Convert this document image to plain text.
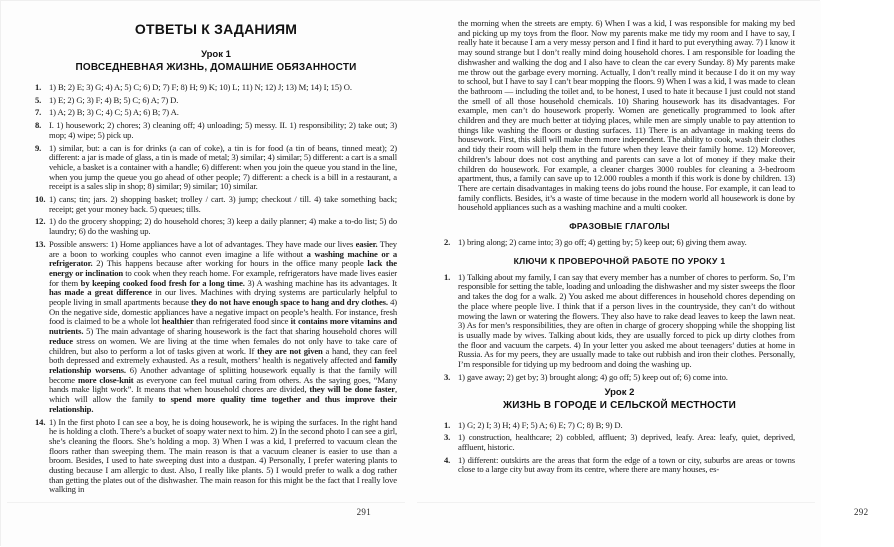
ОТВЕТЫ К ЗАДАНИЯМ
Урок 1
ПОВСЕДНЕВНАЯ ЖИЗНЬ, ДОМАШНИЕ ОБЯЗАННОСТИ
1. 1) B; 2) E; 3) G; 4) A; 5) C; 6) D; 7) F; 8) H; 9) K; 10) L; 11) N; 12) J; 13) M; 14) I; 15) O.
5. 1) E; 2) G; 3) F; 4) B; 5) C; 6) A; 7) D.
7. 1) A; 2) B; 3) C; 4) C; 5) A; 6) B; 7) A.
8. I. 1) housework; 2) chores; 3) cleaning off; 4) unloading; 5) messy. II. 1) responsibility; 2) take out; 3) mop; 4) wipe; 5) pick up.
9. 1) similar, but: a can is for drinks (a can of coke), a tin is for food (a tin of beans, tinned meat); 2) different: a jar is made of glass, a tin is made of metal; 3) similar; 4) similar; 5) different: a cart is a small vehicle, a basket is a container with a handle; 6) different: when you join the queue you stand in the line, when you jump the queue you go ahead of other people; 7) different: a check is a bill in a restaurant, a receipt is a sales slip in shop; 8) similar; 9) similar; 10) similar.
10. 1) cans; tin; jars. 2) shopping basket; trolley / cart. 3) jump; checkout / till. 4) take something back; receipt; get your money back. 5) queues; tills.
12. 1) do the grocery shopping; 2) do household chores; 3) keep a daily planner; 4) make a to-do list; 5) do laundry; 6) do the washing up.
13. Possible answers: 1) Home appliances have a lot of advantages. They have made our lives easier. They are a boon to working couples who cannot even imagine a life without a washing machine or a refrigerator. 2) This happens because after working for hours in the office many people lack the energy or inclination to cook when they reach home. For example, refrigerators have made lives easier for them by keeping cooked food fresh for a long time. 3) A washing machine has its advantages. It has made a great difference in our lives. Machines with drying systems are particularly helpful to people living in small apartments because they do not have enough space to hang and dry clothes. 4) On the negative side, domestic appliances have a negative impact on people’s health. For instance, fresh food is claimed to be a whole lot healthier than refrigerated food since it contains more vitamins and nutrients. 5) The main advantage of sharing housework is the fact that sharing household chores will reduce stress on women. We are living at the time when females do not only have to take care of children, but also to perform a lot of tasks given at work. If they are not given a hand, they can feel both depressed and extremely exhausted. As a result, mothers’ health is negatively affected and family relationship worsens. 6) Another advantage of splitting housework equally is that the family will become more close-knit as everyone can feel mutual caring from others. As the saying goes, “Many hands make light work”. It means that when household chores are divided, they will be done faster, which will allow the family to spend more quality time together and thus improve their relationship.
14. 1) In the first photo I can see a boy, he is doing housework, he is wiping the surfaces. In the right hand he is holding a cloth. There’s a bucket of soapy water next to him. 2) In the second photo I can see a girl, she’s cleaning the floors. She’s holding a mop. 3) When I was a kid, I preferred to vacuum clean the floors rather than sweeping them. The main reason is that a vacuum cleaner is easier to use than a broom. Besides, I used to hate sweeping dust into a dustpan. 4) Personally, I prefer watering plants to dusting because I am allergic to dust. Also, I really like plants. 5) I would prefer to walk a dog rather than getting the plates out of the dishwasher. The main reason for this might be the fact that I really love walking in
291
the morning when the streets are empty. 6) When I was a kid, I was responsible for making my bed and picking up my toys from the floor. Now my parents make me tidy my room and I have to say, I really hate it because I am a very messy person and I find it hard to put everything away. 7) I know it may sound strange but I don’t really mind doing household chores. I am responsible for loading the dishwasher and walking the dog and I also have to clean the car every Sunday. 8) My parents make me throw out the garbage every morning. Actually, I don’t really mind it because I do it on my way to school, but I have to say I can’t bear mopping the floors. 9) When I was a kid, I was made to clean the bathroom — including the toilet and, to be honest, I used to hate it because I just could not stand the smell of all those household chemicals. 10) Sharing housework has its disadvantages. For example, men can’t do housework properly. Women are genetically programmed to look after children and they are much better at tidying places, while men are simply unable to pay attention to things like washing the floors or dusting surfaces. 11) There is an advantage in making teens do housework. First, this skill will make them more independent. The ability to cook, wash their clothes and tidy their room will help them in the future when they leave their family home. 12) Moreover, children’s labour does not cost anything and parents can save a lot of money if they make their children do housework. For example, a cleaner charges 3000 roubles for cleaning a 3-bedroom apartment, thus, a family can save up to 12.000 roubles a month if this work is done by children. 13) There are certain disadvantages in making teens do jobs round the house. For example, it can lead to family conflicts. Besides, it’s a waste of time because in the modern world all housework is done by household appliances such as a washing machine and a multi cooker.
ФРАЗОВЫЕ ГЛАГОЛЫ
2. 1) bring along; 2) came into; 3) go off; 4) getting by; 5) keep out; 6) giving them away.
КЛЮЧИ К ПРОВЕРОЧНОЙ РАБОТЕ ПО УРОКУ 1
1. 1) Talking about my family, I can say that every member has a number of chores to perform. So, I’m responsible for setting the table, loading and unloading the dishwasher and my sister sweeps the floor and takes the dog for a walk. 2) You asked me about differences in household chores depending on the place where people live. I think that if a person lives in the countryside, they can’t do without mowing the lawn or watering the flowers. They also have to rake dead leaves to keep the lawn neat. 3) As for men’s responsibilities, they are often in charge of grocery shopping while the shopping list is usually made by wives. Talking about kids, they are usually forced to pick up dirty clothes from the floor and vacuum the carpets. 4) In your letter you asked me about teenagers’ duties at home in Russia. As for my peers, they are usually made to take out rubbish and iron their clothes. Personally, I’m responsible for tidying up my bedroom and doing the washing up.
3. 1) gave away; 2) get by; 3) brought along; 4) go off; 5) keep out of; 6) come into.
Урок 2
ЖИЗНЬ В ГОРОДЕ И СЕЛЬСКОЙ МЕСТНОСТИ
1. 1) G; 2) I; 3) H; 4) F; 5) A; 6) E; 7) C; 8) B; 9) D.
3. 1) construction, healthcare; 2) cobbled, affluent; 3) deprived, leafy. Area: leafy, quiet, deprived, affluent, historic.
4. 1) different: outskirts are the areas that form the edge of a town or city, suburbs are areas or towns close to a large city but away from its centre, where there are many houses, es-
292
